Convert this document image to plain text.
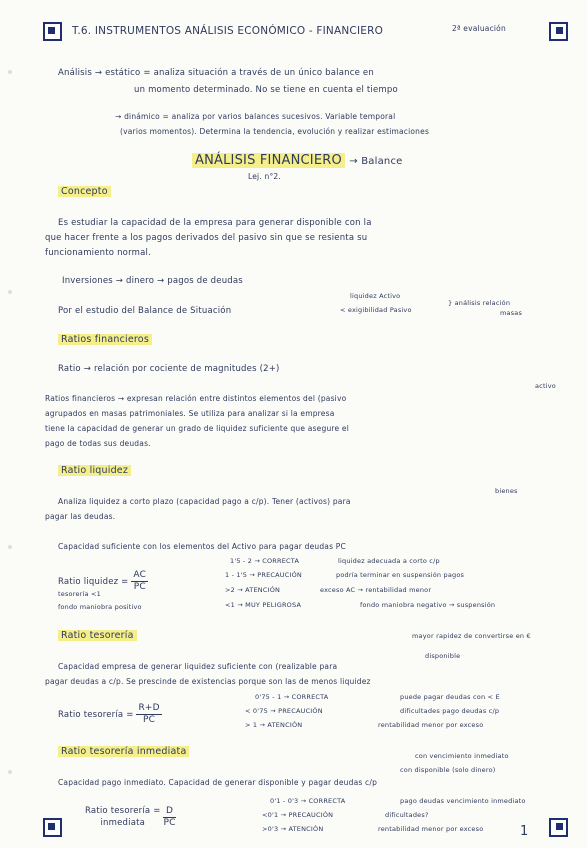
T.6. INSTRUMENTOS ANÁLISIS ECONÓMICO - FINANCIERO	2ª evaluación
Análisis → estático = analiza situación a través de un único balance en
un momento determinado. No se tiene en cuenta el tiempo
→ dinámico = analiza por varios balances sucesivos. Variable temporal
(varios momentos). Determina la tendencia, evolución y realizar estimaciones
ANÁLISIS FINANCIERO → Balance
Lej. n°2.
Concepto
Es estudiar la capacidad de la empresa para generar disponible con la
que hacer frente a los pagos derivados del pasivo sin que se resienta su
funcionamiento normal.
Inversiones → dinero → pagos de deudas
Por el estudio del Balance de Situación
liquidez Activo
< exigibilidad Pasivo
} análisis relación
masas
Ratios financieros
Ratio → relación por cociente de magnitudes (2+)
activo
Ratios financieros → expresan relación entre distintos elementos del (pasivo
agrupados en masas patrimoniales. Se utiliza para analizar si la empresa
tiene la capacidad de generar un grado de liquidez suficiente que asegure el
pago de todas sus deudas.
Ratio liquidez
bienes
Analiza liquidez a corto plazo (capacidad pago a c/p). Tener (activos) para
pagar las deudas.
Capacidad suficiente con los elementos del Activo para pagar deudas PC
Ratio liquidez = $\frac{AC}{PC}$
tesorería <1
fondo maniobra positivo
1'5 - 2 → CORRECTA	liquidez adecuada a corto c/p
1 - 1'5 → PRECAUCIÓN	podría terminar en suspensión pagos
>2 → ATENCIÓN	exceso AC → rentabilidad menor
<1 → MUY PELIGROSA	fondo maniobra negativo → suspensión
Ratio tesorería	mayor rapidez de convertirse en €
disponible
Capacidad empresa de generar liquidez suficiente con (realizable para
pagar deudas a c/p. Se prescinde de existencias porque son las de menos liquidez
Ratio tesorería = $\frac{R+D}{PC}$
0'75 - 1 → CORRECTA	puede pagar deudas con < E
< 0'75 → PRECAUCIÓN	dificultades pago deudas c/p
> 1 → ATENCIÓN	rentabilidad menor por exceso
Ratio tesorería inmediata	con vencimiento inmediato
con disponible (solo dinero)
Capacidad pago inmediato. Capacidad de generar disponible y pagar deudas c/p
Ratio tesorería =
inmediata
	$\frac{D}{PC}$
0'1 - 0'3 → CORRECTA	pago deudas vencimiento inmediato
<0'1 → PRECAUCIÓN	dificultades?
>0'3 → ATENCIÓN	rentabilidad menor por exceso	1
